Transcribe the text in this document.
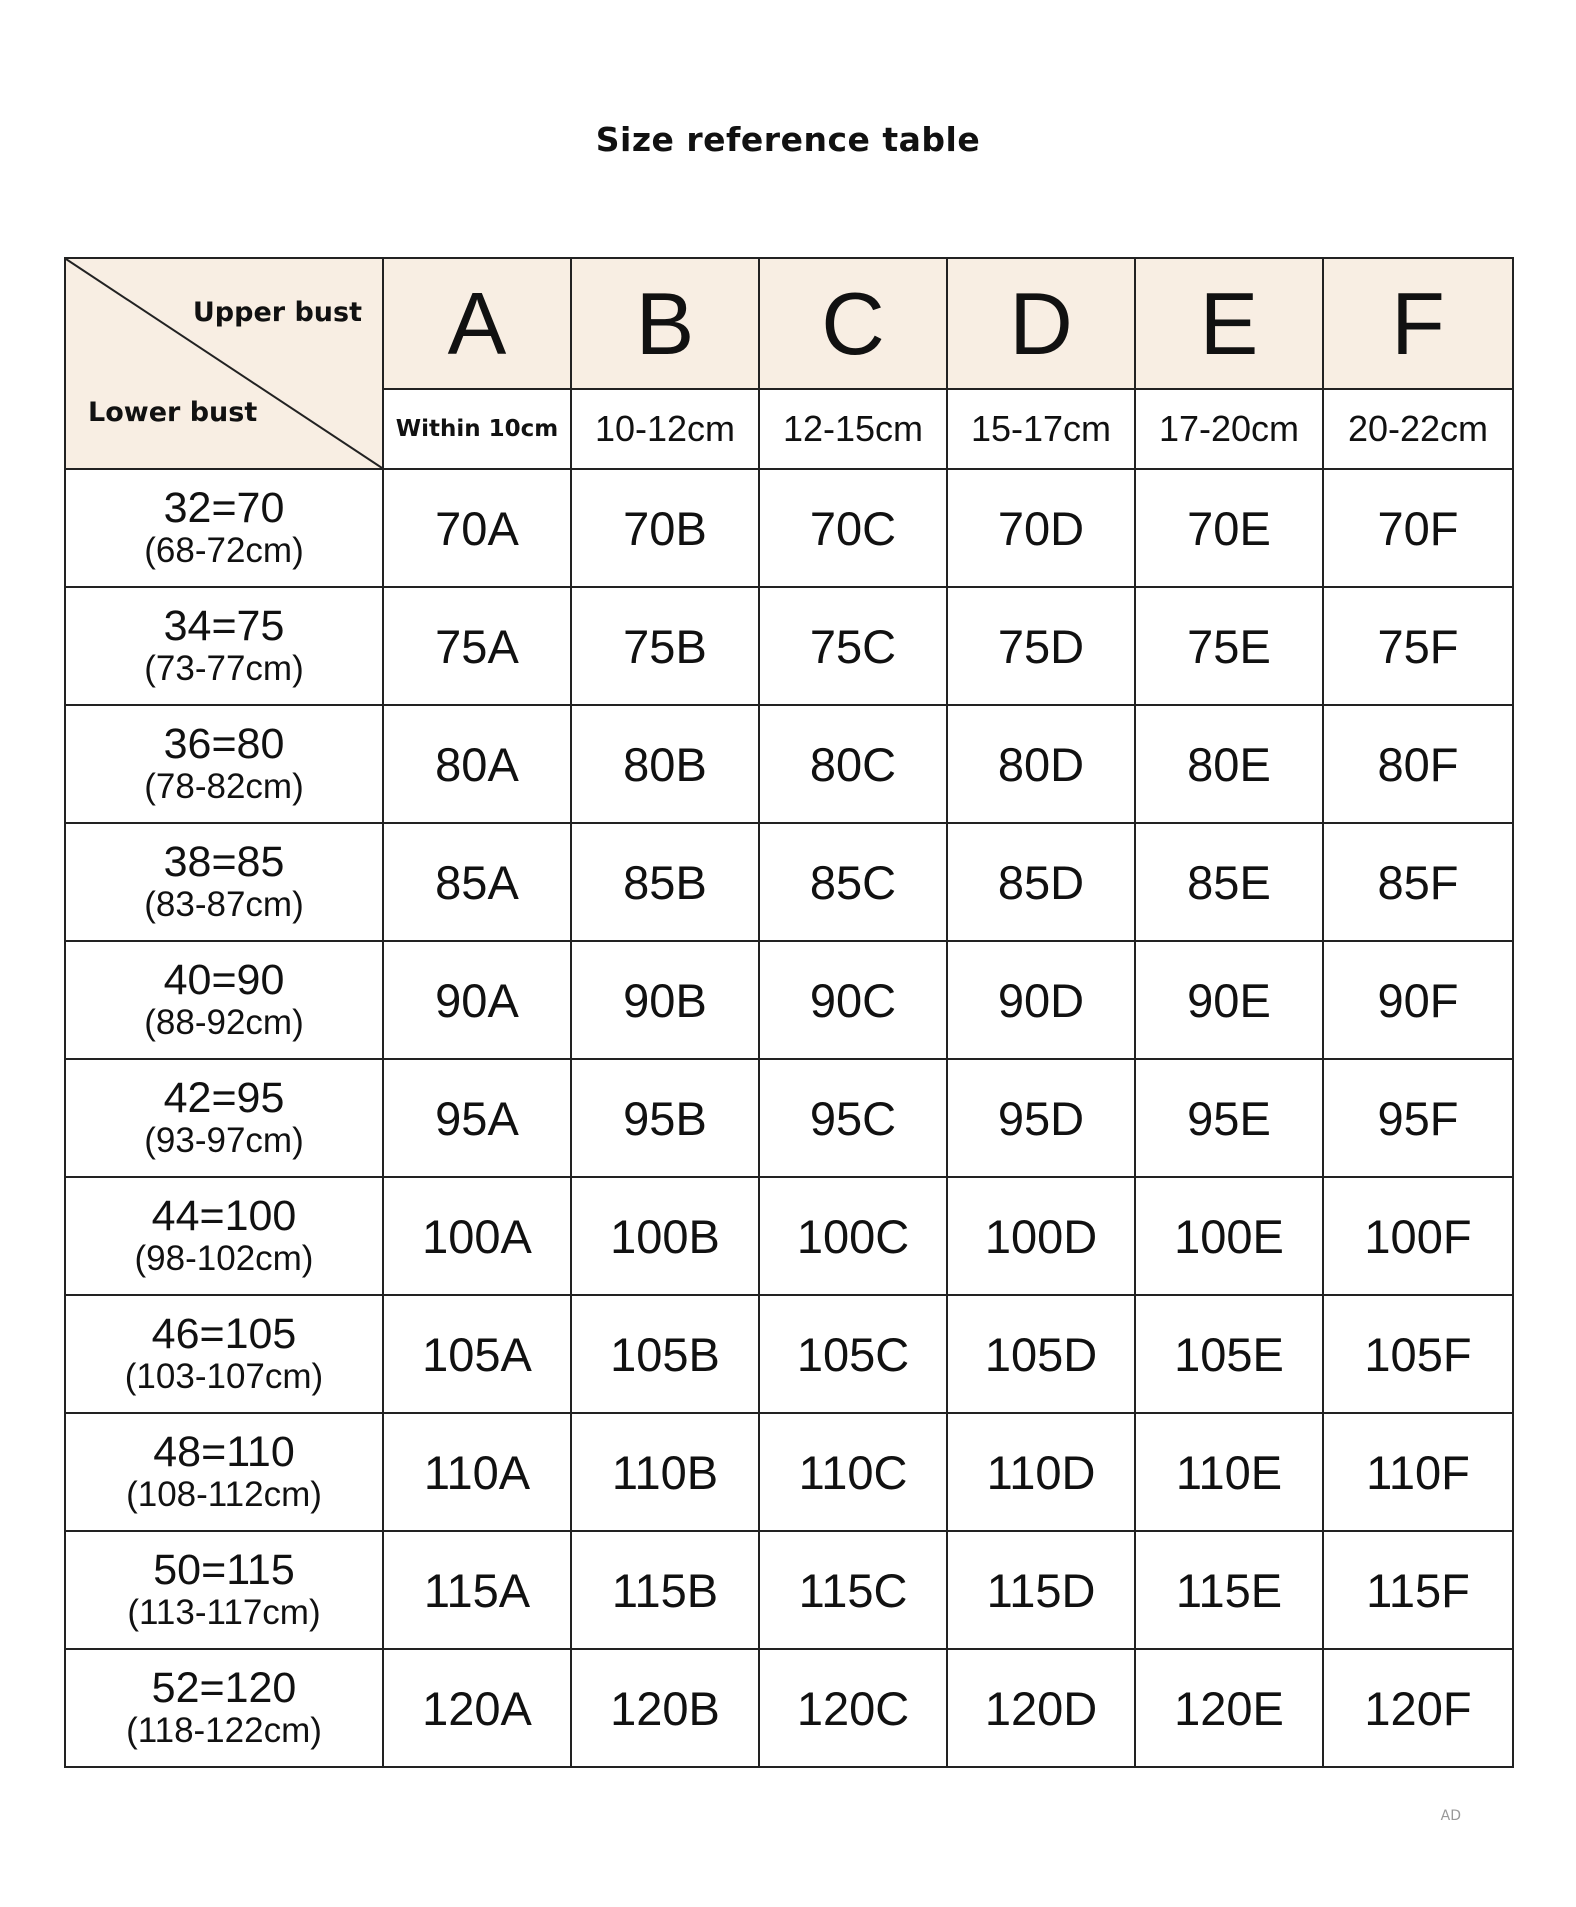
Size reference table
Upper bust
Lower bust	A	B	C	D	E	F
	Within 10cm	10-12cm	12-15cm	15-17cm	17-20cm	20-22cm

32=70
(68-72cm)	70A	70B	70C	70D	70E	70F

34=75
(73-77cm)	75A	75B	75C	75D	75E	75F

36=80
(78-82cm)	80A	80B	80C	80D	80E	80F

38=85
(83-87cm)	85A	85B	85C	85D	85E	85F

40=90
(88-92cm)	90A	90B	90C	90D	90E	90F

42=95
(93-97cm)	95A	95B	95C	95D	95E	95F

44=100
(98-102cm)	100A	100B	100C	100D	100E	100F

46=105
(103-107cm)	105A	105B	105C	105D	105E	105F

48=110
(108-112cm)	110A	110B	110C	110D	110E	110F

50=115
(113-117cm)	115A	115B	115C	115D	115E	115F

52=120
(118-122cm)	120A	120B	120C	120D	120E	120F
AD
